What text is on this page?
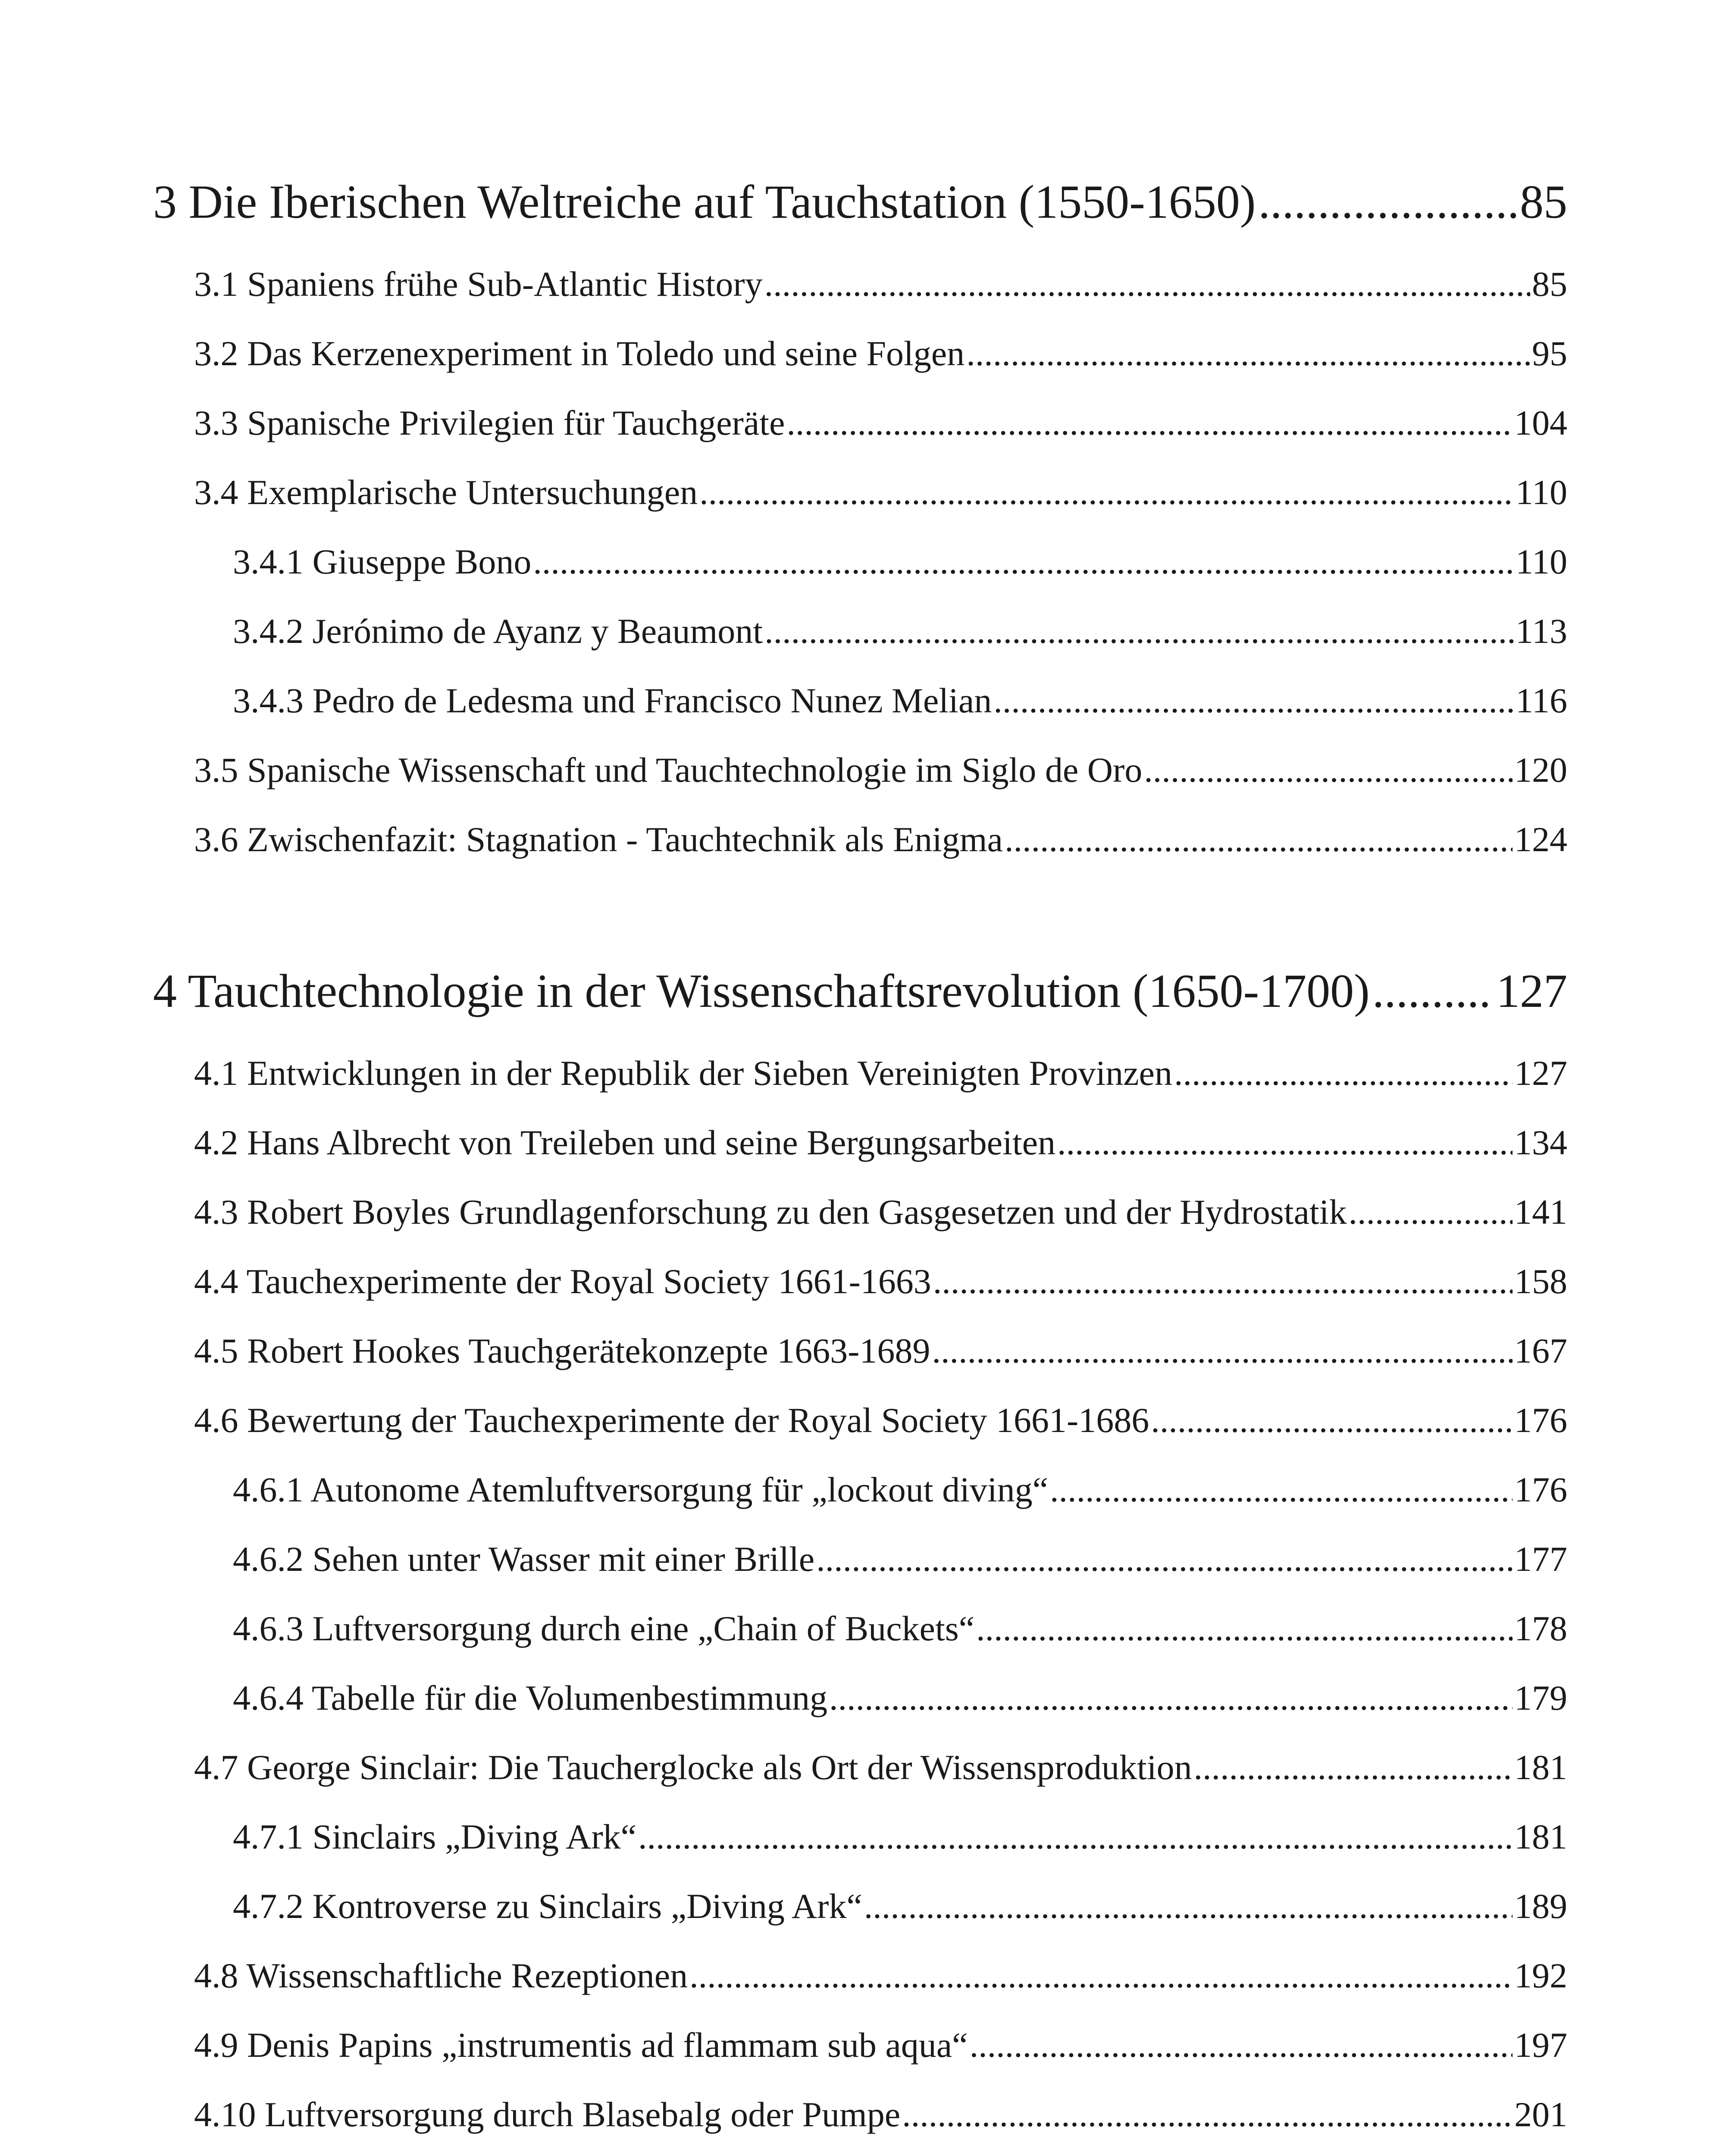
3 Die Iberischen Weltreiche auf Tauchstation (1550-1650) .....	85
3.1 Spaniens frühe Sub-Atlantic History .....	85
3.2 Das Kerzenexperiment in Toledo und seine Folgen .....	95
3.3 Spanische Privilegien für Tauchgeräte .....	104
3.4 Exemplarische Untersuchungen .....	110
3.4.1 Giuseppe Bono .....	110
3.4.2 Jerónimo de Ayanz y Beaumont .....	113
3.4.3 Pedro de Ledesma und Francisco Nunez Melian .....	116
3.5 Spanische Wissenschaft und Tauchtechnologie im Siglo de Oro .....	120
3.6 Zwischenfazit: Stagnation - Tauchtechnik als Enigma .....	124
4 Tauchtechnologie in der Wissenschaftsrevolution (1650-1700) .....	127
4.1 Entwicklungen in der Republik der Sieben Vereinigten Provinzen .....	127
4.2 Hans Albrecht von Treileben und seine Bergungsarbeiten .....	134
4.3 Robert Boyles Grundlagenforschung zu den Gasgesetzen und der Hydrostatik .....	141
4.4 Tauchexperimente der Royal Society 1661-1663 .....	158
4.5 Robert Hookes Tauchgerätekonzepte 1663-1689 .....	167
4.6 Bewertung der Tauchexperimente der Royal Society 1661-1686 .....	176
4.6.1 Autonome Atemluftversorgung für „lockout diving“ .....	176
4.6.2 Sehen unter Wasser mit einer Brille .....	177
4.6.3 Luftversorgung durch eine „Chain of Buckets“ .....	178
4.6.4 Tabelle für die Volumenbestimmung .....	179
4.7 George Sinclair: Die Taucherglocke als Ort der Wissensproduktion .....	181
4.7.1 Sinclairs „Diving Ark“ .....	181
4.7.2 Kontroverse zu Sinclairs „Diving Ark“ .....	189
4.8 Wissenschaftliche Rezeptionen .....	192
4.9 Denis Papins „instrumentis ad flammam sub aqua“ .....	197
4.10 Luftversorgung durch Blasebalg oder Pumpe .....	201
